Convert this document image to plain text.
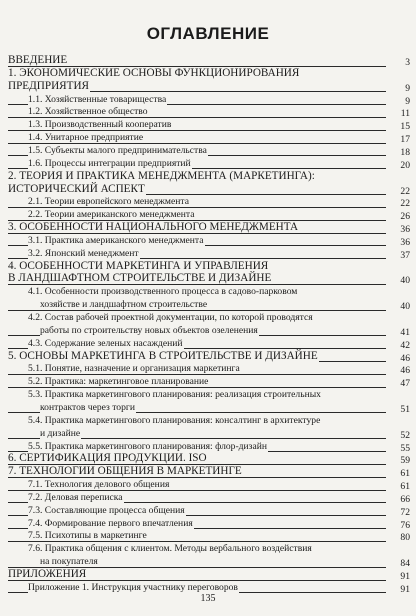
ОГЛАВЛЕНИЕ
ВВЕДЕНИЕ	3
1. ЭКОНОМИЧЕСКИЕ ОСНОВЫ ФУНКЦИОНИРОВАНИЯ
ПРЕДПРИЯТИЯ	9
1.1. Хозяйственные товарищества	9
1.2. Хозяйственное общество	11
1.3. Производственный кооператив	15
1.4. Унитарное предприятие	17
1.5. Субъекты малого предпринимательства	18
1.6. Процессы интеграции предприятий	20
2. ТЕОРИЯ И ПРАКТИКА МЕНЕДЖМЕНТА (МАРКЕТИНГА):
ИСТОРИЧЕСКИЙ АСПЕКТ	22
2.1. Теории европейского менеджмента	22
2.2. Теории американского менеджмента	26
3. ОСОБЕННОСТИ НАЦИОНАЛЬНОГО МЕНЕДЖМЕНТА	36
3.1. Практика американского менеджмента	36
3.2. Японский менеджмент	37
4. ОСОБЕННОСТИ МАРКЕТИНГА И УПРАВЛЕНИЯ
В ЛАНДШАФТНОМ СТРОИТЕЛЬСТВЕ И ДИЗАЙНЕ	40
4.1. Особенности производственного процесса в садово-парковом
хозяйстве и ландшафтном строительстве	40
4.2. Состав рабочей проектной документации, по которой проводятся
работы по строительству новых объектов озеленения	41
4.3. Содержание зеленых насаждений	42
5. ОСНОВЫ МАРКЕТИНГА В СТРОИТЕЛЬСТВЕ И ДИЗАЙНЕ	46
5.1. Понятие, назначение и организация маркетинга	46
5.2. Практика: маркетинговое планирование	47
5.3. Практика маркетингового планирования: реализация строительных
контрактов через торги	51
5.4. Практика маркетингового планирования: консалтинг в архитектуре
и дизайне	52
5.5. Практика маркетингового планирования: флор-дизайн	55
6. СЕРТИФИКАЦИЯ ПРОДУКЦИИ. ISO	59
7. ТЕХНОЛОГИИ ОБЩЕНИЯ В МАРКЕТИНГЕ	61
7.1. Технология делового общения	61
7.2. Деловая переписка	66
7.3. Составляющие процесса общения	72
7.4. Формирование первого впечатления	76
7.5. Психотипы в маркетинге	80
7.6. Практика общения с клиентом. Методы вербального воздействия
на покупателя	84
ПРИЛОЖЕНИЯ	91
Приложение 1. Инструкция участнику переговоров	91
135
